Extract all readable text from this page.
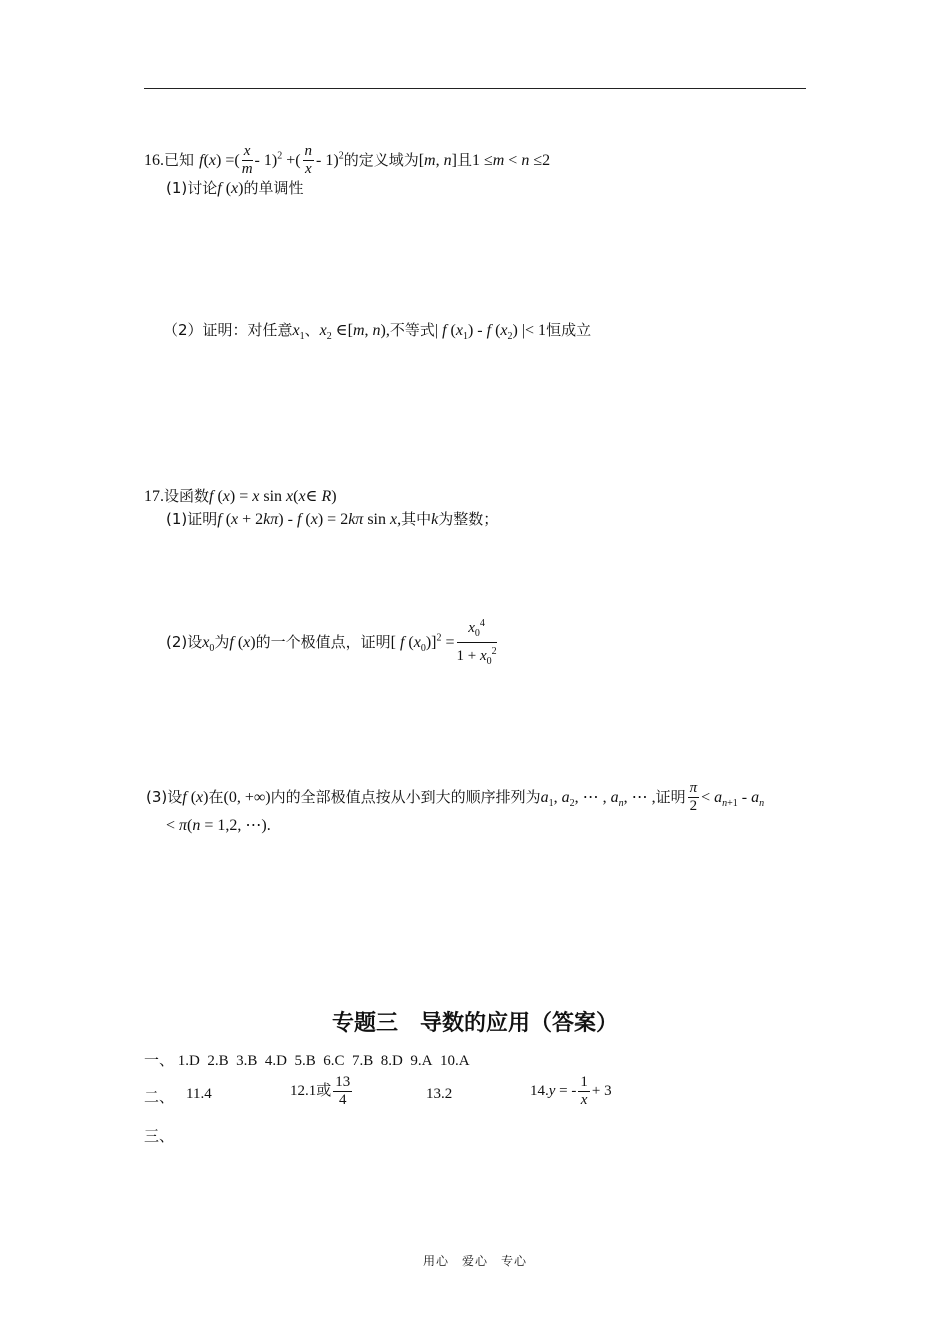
16.已知 f(x) =( $\frac{x}{m} - 1)^2$ +( $\frac{n}{x} - 1)^2$的定义域为[m, n]且1 ≤m < n ≤2
(1)讨论f (x)的单调性
（2）证明：对任意$x_1$、$x_2$ ∈[m, n),不等式| f $(x_1)$ - f $(x_2)$ |< 1恒成立
17.设函数f (x) = x sin x(x∈ R)
(1)证明f (x + 2kπ) - f (x) = 2kπ sin x,其中k为整数；
(2)设$x_0$为f (x)的一个极值点，证明[ f $(x_0)]^2 = \frac{x_0^4}{1 + x_0^2}$
(3)设f (x)在(0, +∞)内的全部极值点按从小到大的顺序排列为$a_1$, $a_2$, ⋯ , $a_n$, ⋯ ,证明 $\frac{\pi}{2} < a_{n+1} - a_n$
< π(n = 1,2, ⋯).
专题三　导数的应用（答案）
一、 1.D 2.B 3.B 4.D 5.B 6.C 7.B 8.D 9.A 10.A
二、 11.4	12.1或 $\frac{13}{4}$	13.2	14.y = - $\frac{1}{x} + 3$
三、
用心　爱心　专心
